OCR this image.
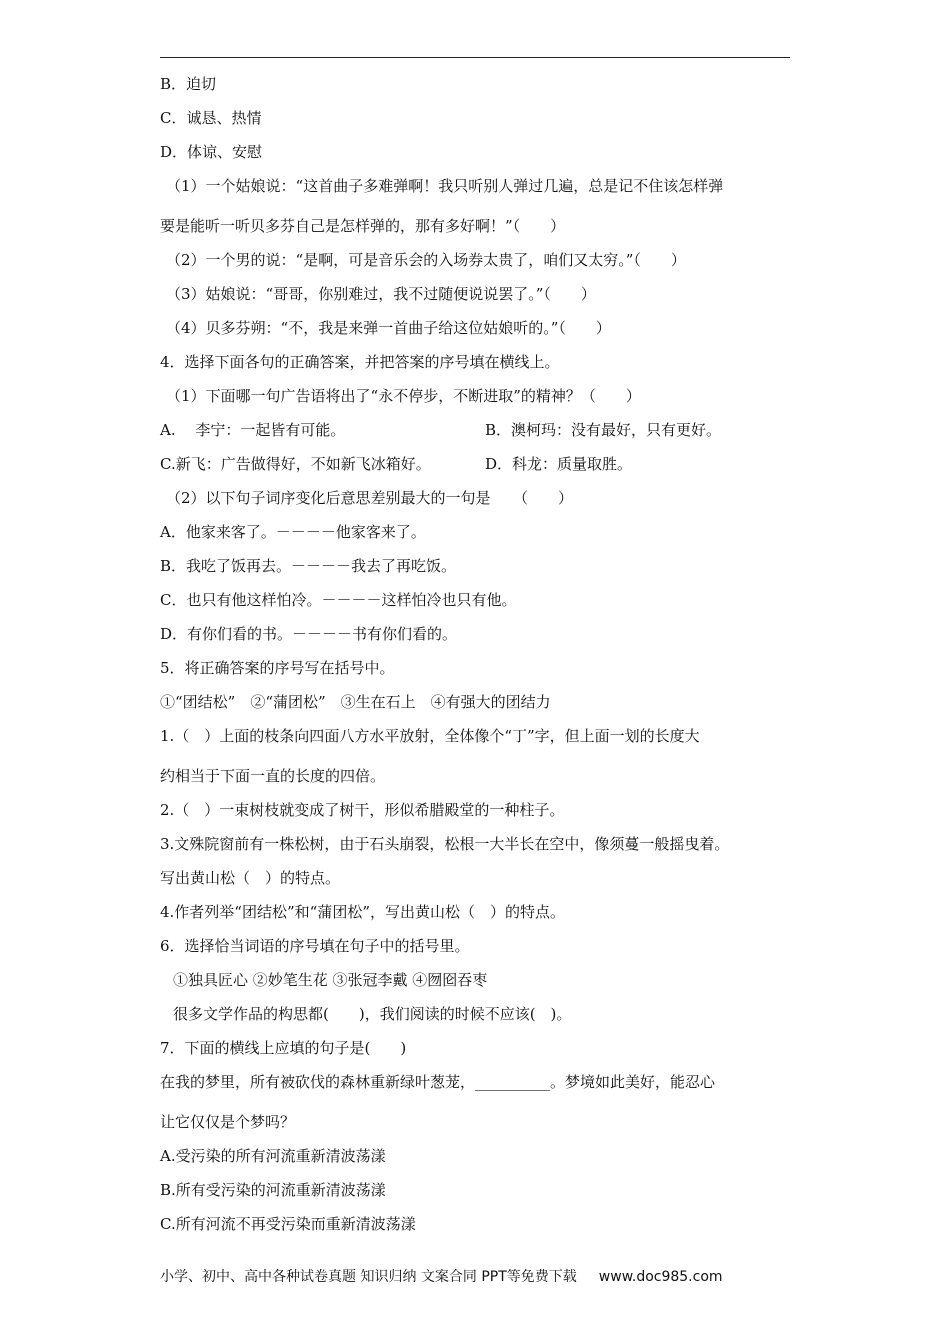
B．迫切
C．诚恳、热情
D．体谅、安慰
（1）一个姑娘说：“这首曲子多难弹啊！我只听别人弹过几遍，总是记不住该怎样弹
要是能听一听贝多芬自己是怎样弹的，那有多好啊！”（　　）
（2）一个男的说：“是啊，可是音乐会的入场券太贵了，咱们又太穷。”（　　）
（3）姑娘说：“哥哥，你别难过，我不过随便说说罢了。”（　　）
（4）贝多芬朔：“不，我是来弹一首曲子给这位姑娘听的。”（　　）
4．选择下面各句的正确答案，并把答案的序号填在横线上。
（1）下面哪一句广告语将出了“永不停步，不断进取”的精神？（　　）
A.　 李宁：一起皆有可能。	B．澳柯玛：没有最好，只有更好。
C.新飞：广告做得好，不如新飞冰箱好。	D．科龙：质量取胜。
（2）以下句子词序变化后意思差别最大的一句是　　（　　）
A．他家来客了。－－－－他家客来了。
B．我吃了饭再去。－－－－我去了再吃饭。
C．也只有他这样怕冷。－－－－这样怕冷也只有他。
D．有你们看的书。－－－－书有你们看的。
5．将正确答案的序号写在括号中。
①“团结松”　②“蒲团松”　③生在石上　④有强大的团结力
1.（　）上面的枝条向四面八方水平放射，全体像个“丁”字，但上面一划的长度大
约相当于下面一直的长度的四倍。
2.（　）一束树枝就变成了树干，形似希腊殿堂的一种柱子。
3.文殊院窗前有一株松树，由于石头崩裂，松根一大半长在空中，像须蔓一般摇曳着。
写出黄山松（　）的特点。
4.作者列举“团结松”和“蒲团松”，写出黄山松（　）的特点。
6．选择恰当词语的序号填在句子中的括号里。
①独具匠心 ②妙笔生花 ③张冠李戴 ④囫囵吞枣
很多文学作品的构思都(　　)，我们阅读的时候不应该(　)。
7．下面的横线上应填的句子是(　　)
在我的梦里，所有被砍伐的森林重新绿叶葱茏，__________。梦境如此美好，能忍心
让它仅仅是个梦吗？
A.受污染的所有河流重新清波荡漾
B.所有受污染的河流重新清波荡漾
C.所有河流不再受污染而重新清波荡漾
小学、初中、高中各种试卷真题 知识归纳 文案合同 PPT等免费下载 www.doc985.com
